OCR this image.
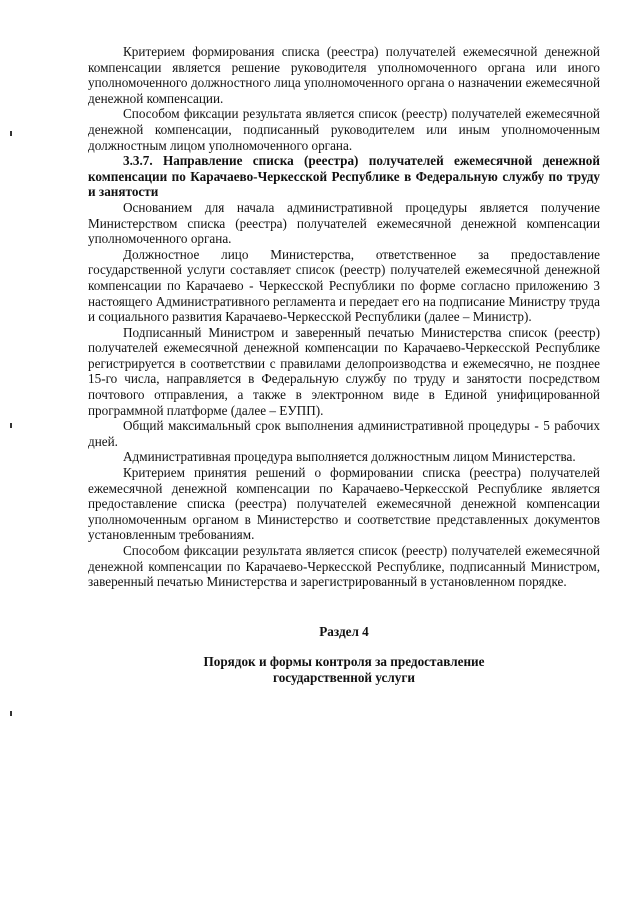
Критерием формирования списка (реестра) получателей ежемесячной денежной компенсации является решение руководителя уполномоченного органа или иного уполномоченного должностного лица уполномоченного органа о назначении ежемесячной денежной компенсации.

Способом фиксации результата является список (реестр) получателей ежемесячной денежной компенсации, подписанный руководителем или иным уполномоченным должностным лицом уполномоченного органа.

3.3.7. Направление списка (реестра) получателей ежемесячной денежной компенсации по Карачаево-Черкесской Республике в Федеральную службу по труду и занятости

Основанием для начала административной процедуры является получение Министерством списка (реестра) получателей ежемесячной денежной компенсации уполномоченного органа.

Должностное лицо Министерства, ответственное за предоставление государственной услуги составляет список (реестр) получателей ежемесячной денежной компенсации по Карачаево - Черкесской Республики по форме согласно приложению 3 настоящего Административного регламента и передает его на подписание Министру труда и социального развития Карачаево-Черкесской Республики (далее – Министр).

Подписанный Министром и заверенный печатью Министерства список (реестр) получателей ежемесячной денежной компенсации по Карачаево-Черкесской Республике регистрируется в соответствии с правилами делопроизводства и ежемесячно, не позднее 15-го числа, направляется в Федеральную службу по труду и занятости посредством почтового отправления, а также в электронном виде в Единой унифицированной программной платформе (далее – ЕУПП).

Общий максимальный срок выполнения административной процедуры - 5 рабочих дней.

Административная процедура выполняется должностным лицом Министерства.

Критерием принятия решений о формировании списка (реестра) получателей ежемесячной денежной компенсации по Карачаево-Черкесской Республике является предоставление списка (реестра) получателей ежемесячной денежной компенсации уполномоченным органом в Министерство и соответствие представленных документов установленным требованиям.

Способом фиксации результата является список (реестр) получателей ежемесячной денежной компенсации по Карачаево-Черкесской Республике, подписанный Министром, заверенный печатью Министерства и зарегистрированный в установленном порядке.

Раздел 4

Порядок и формы контроля за предоставление

государственной услуги
